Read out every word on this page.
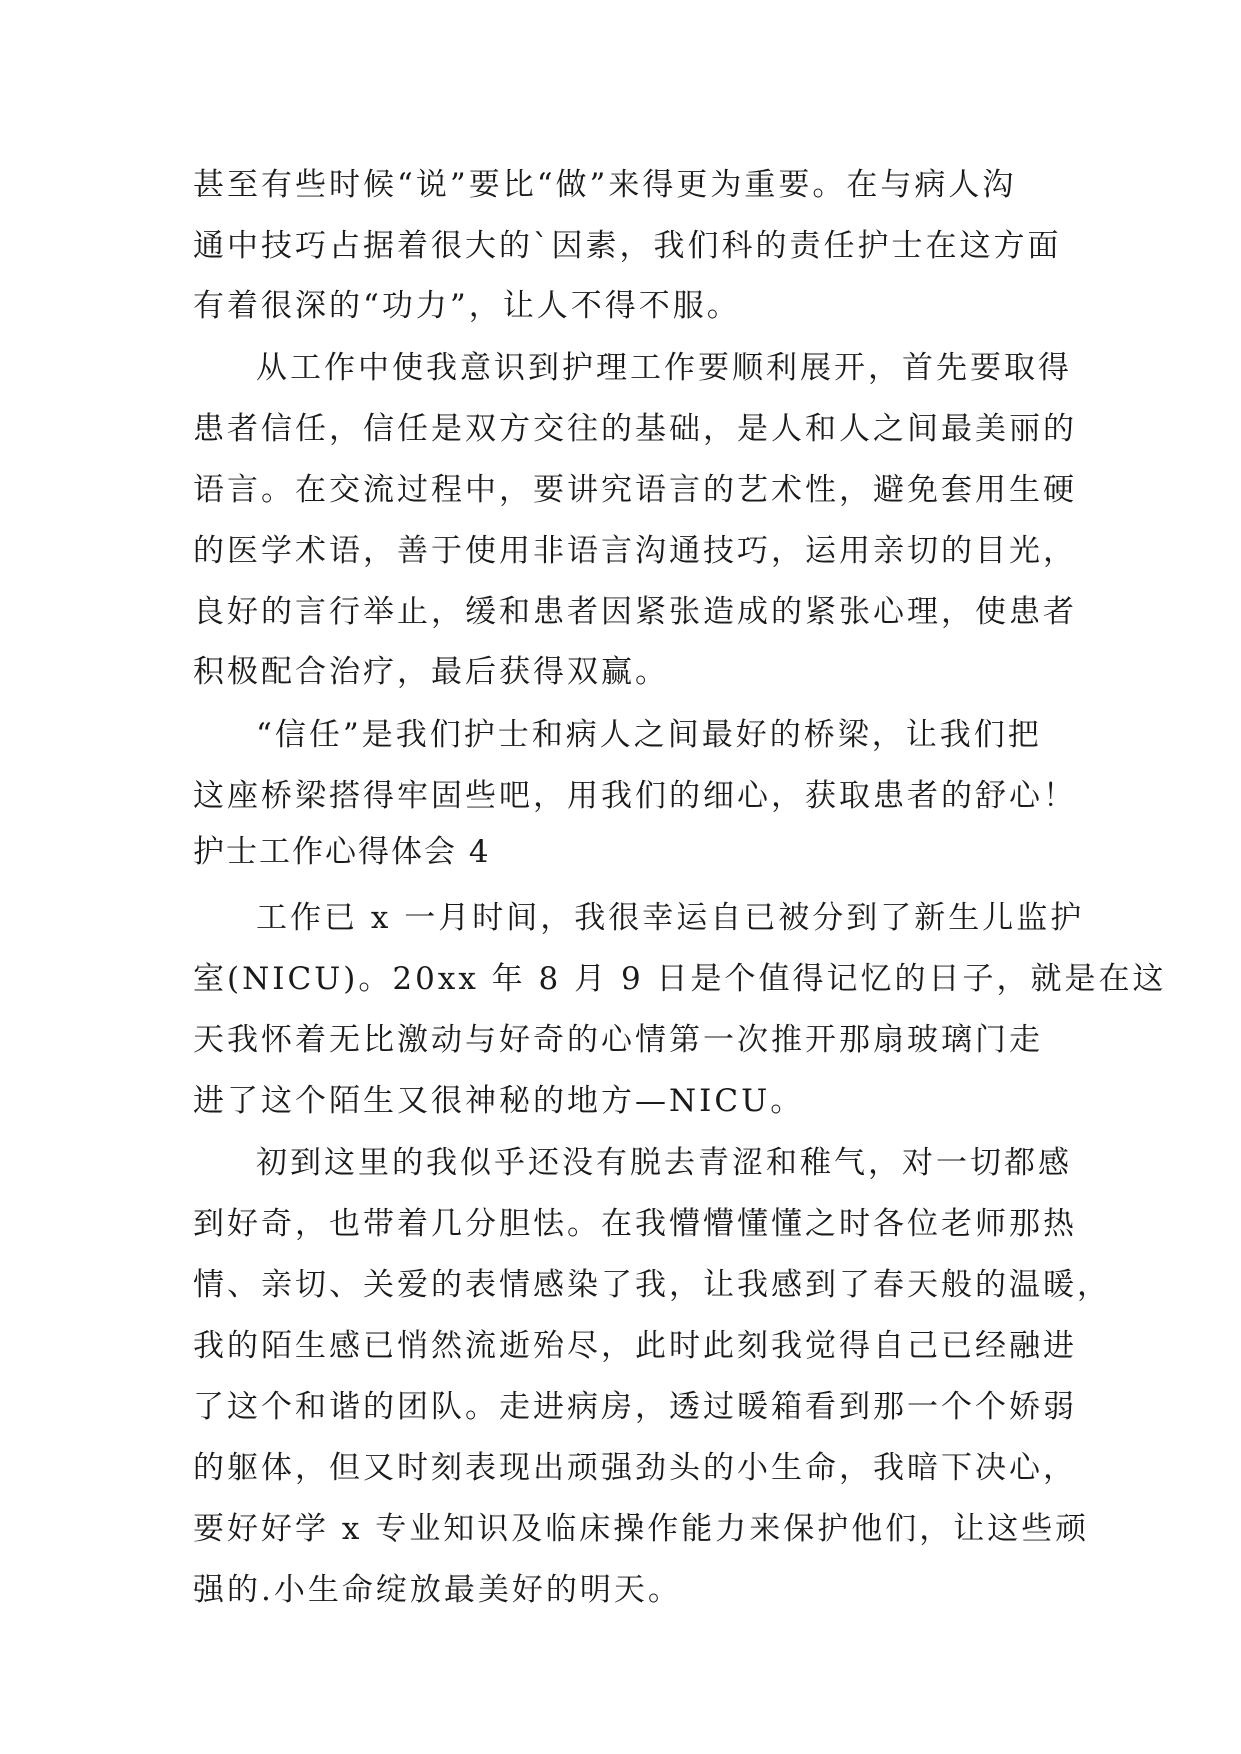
甚至有些时候“说”要比“做”来得更为重要。在与病人沟
通中技巧占据着很大的`因素，我们科的责任护士在这方面
有着很深的“功力”，让人不得不服。
从工作中使我意识到护理工作要顺利展开，首先要取得
患者信任，信任是双方交往的基础，是人和人之间最美丽的
语言。在交流过程中，要讲究语言的艺术性，避免套用生硬
的医学术语，善于使用非语言沟通技巧，运用亲切的目光，
良好的言行举止，缓和患者因紧张造成的紧张心理，使患者
积极配合治疗，最后获得双赢。
“信任”是我们护士和病人之间最好的桥梁，让我们把
这座桥梁搭得牢固些吧，用我们的细心，获取患者的舒心！
护士工作心得体会 4
工作已 x 一月时间，我很幸运自已被分到了新生儿监护
室(NICU)。20xx 年 8 月 9 日是个值得记忆的日子，就是在这
天我怀着无比激动与好奇的心情第一次推开那扇玻璃门走
进了这个陌生又很神秘的地方—NICU。
初到这里的我似乎还没有脱去青涩和稚气，对一切都感
到好奇，也带着几分胆怯。在我懵懵懂懂之时各位老师那热
情、亲切、关爱的表情感染了我，让我感到了春天般的温暖，
我的陌生感已悄然流逝殆尽，此时此刻我觉得自己已经融进
了这个和谐的团队。走进病房，透过暖箱看到那一个个娇弱
的躯体，但又时刻表现出顽强劲头的小生命，我暗下决心，
要好好学 x 专业知识及临床操作能力来保护他们，让这些顽
强的.小生命绽放最美好的明天。
